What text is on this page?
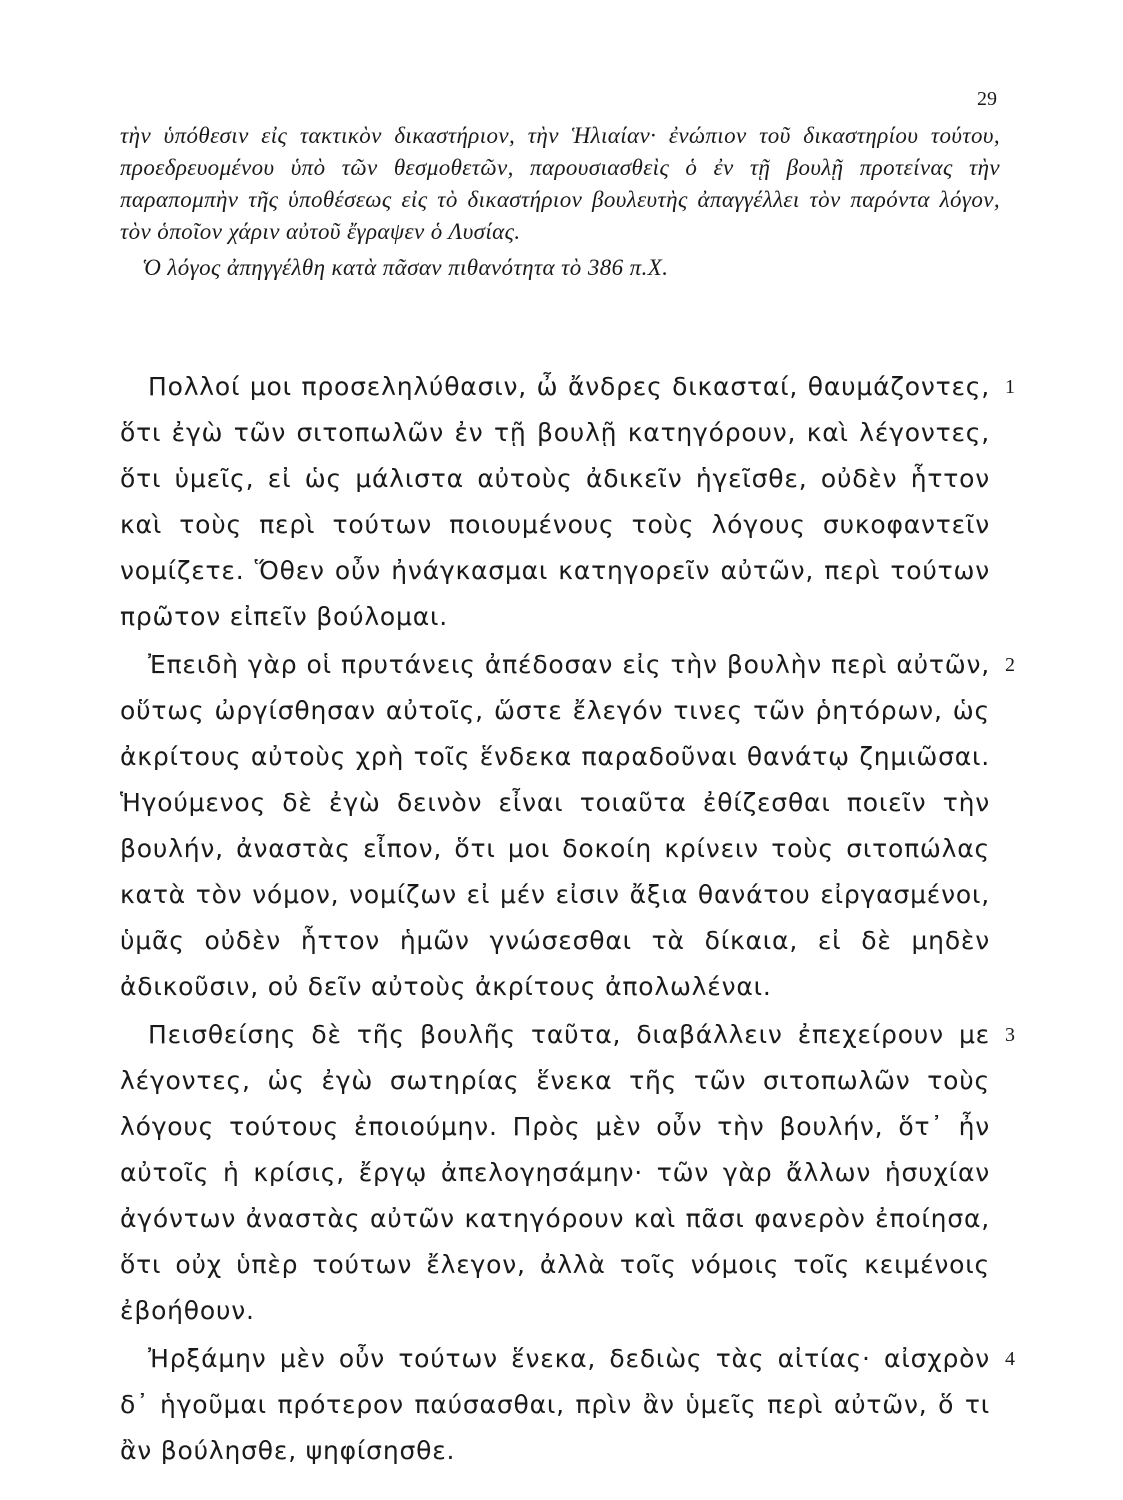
29

τὴν ὑπόθεσιν εἰς τακτικὸν δικαστήριον, τὴν Ἡλιαίαν· ἐνώπιον τοῦ δικαστηρίου τούτου, προεδρευομένου ὑπὸ τῶν θεσμοθετῶν, παρουσιασθεὶς ὁ ἐν τῇ βουλῇ προτείνας τὴν παραπομπὴν τῆς ὑποθέσεως εἰς τὸ δικαστήριον βουλευτὴς ἀπαγγέλλει τὸν παρόντα λόγον, τὸν ὁποῖον χάριν αὐτοῦ ἔγραψεν ὁ Λυσίας.

Ὁ λόγος ἀπηγγέλθη κατὰ πᾶσαν πιθανότητα τὸ 386 π.Χ.

1
Πολλοί μοι προσεληλύθασιν, ὦ ἄνδρες δικασταί, θαυμάζοντες, ὅτι ἐγὼ τῶν σιτοπωλῶν ἐν τῇ βουλῇ κατηγόρουν, καὶ λέγοντες, ὅτι ὑμεῖς, εἰ ὡς μάλιστα αὐτοὺς ἀδικεῖν ἡγεῖσθε, οὐδὲν ἧττον καὶ τοὺς περὶ τούτων ποιουμένους τοὺς λόγους συκοφαντεῖν νομίζετε. Ὅθεν οὖν ἠνάγκασμαι κατηγορεῖν αὐτῶν, περὶ τούτων πρῶτον εἰπεῖν βούλομαι.
2
Ἐπειδὴ γὰρ οἱ πρυτάνεις ἀπέδοσαν εἰς τὴν βουλὴν περὶ αὐτῶν, οὕτως ὠργίσθησαν αὐτοῖς, ὥστε ἔλεγόν τινες τῶν ῥητόρων, ὡς ἀκρίτους αὐτοὺς χρὴ τοῖς ἕνδεκα παραδοῦναι θανάτῳ ζημιῶσαι. Ἡγούμενος δὲ ἐγὼ δεινὸν εἶναι τοιαῦτα ἐθίζεσθαι ποιεῖν τὴν βουλήν, ἀναστὰς εἶπον, ὅτι μοι δοκοίη κρίνειν τοὺς σιτοπώλας κατὰ τὸν νόμον, νομίζων εἰ μέν εἰσιν ἄξια θανάτου εἰργασμένοι, ὑμᾶς οὐδὲν ἧττον ἡμῶν γνώσεσθαι τὰ δίκαια, εἰ δὲ μηδὲν ἀδικοῦσιν, οὐ δεῖν αὐτοὺς ἀκρίτους ἀπολωλέναι.
3
Πεισθείσης δὲ τῆς βουλῆς ταῦτα, διαβάλλειν ἐπεχείρουν με λέγοντες, ὡς ἐγὼ σωτηρίας ἕνεκα τῆς τῶν σιτοπωλῶν τοὺς λόγους τούτους ἐποιούμην. Πρὸς μὲν οὖν τὴν βουλήν, ὅτ᾿ ἦν αὐτοῖς ἡ κρίσις, ἔργῳ ἀπελογησάμην· τῶν γὰρ ἄλλων ἡσυχίαν ἀγόντων ἀναστὰς αὐτῶν κατηγόρουν καὶ πᾶσι φανερὸν ἐποίησα, ὅτι οὐχ ὑπὲρ τούτων ἔλεγον, ἀλλὰ τοῖς νόμοις τοῖς κειμένοις ἐβοήθουν.
4
Ἠρξάμην μὲν οὖν τούτων ἕνεκα, δεδιὼς τὰς αἰτίας· αἰσχρὸν δ᾿ ἡγοῦμαι πρότερον παύσασθαι, πρὶν ἂν ὑμεῖς περὶ αὐτῶν, ὅ τι ἂν βούλησθε, ψηφίσησθε.
